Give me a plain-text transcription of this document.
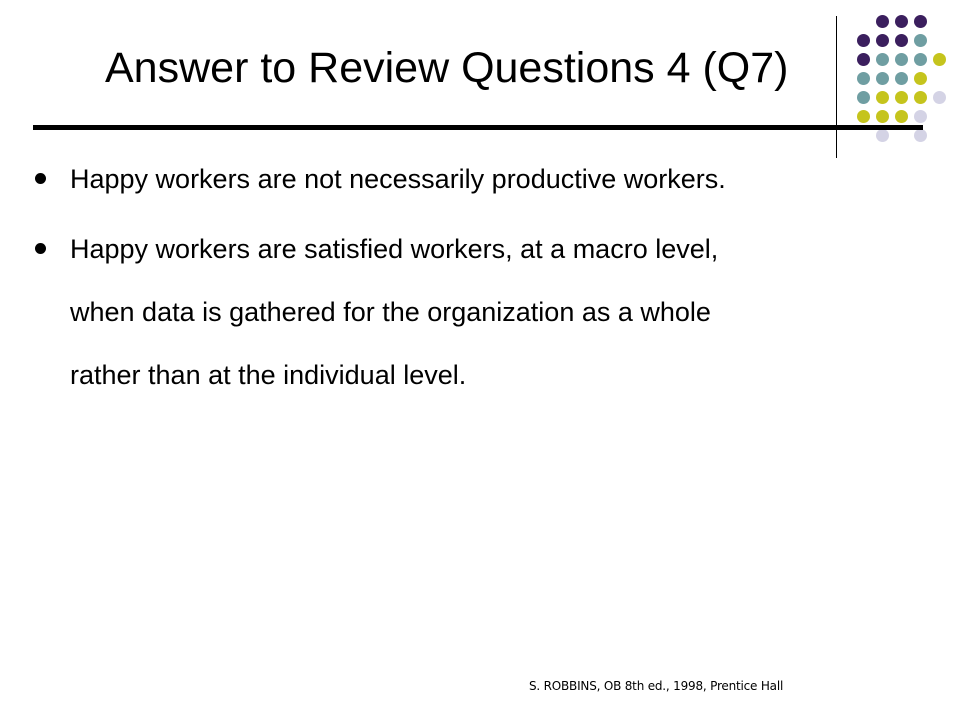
Answer to Review Questions 4 (Q7)
Happy workers are not necessarily productive workers.
Happy workers are satisfied workers, at a macro level,
when data is gathered for the organization as a whole
rather than at the individual level.
S. ROBBINS, OB 8th ed., 1998, Prentice Hall
